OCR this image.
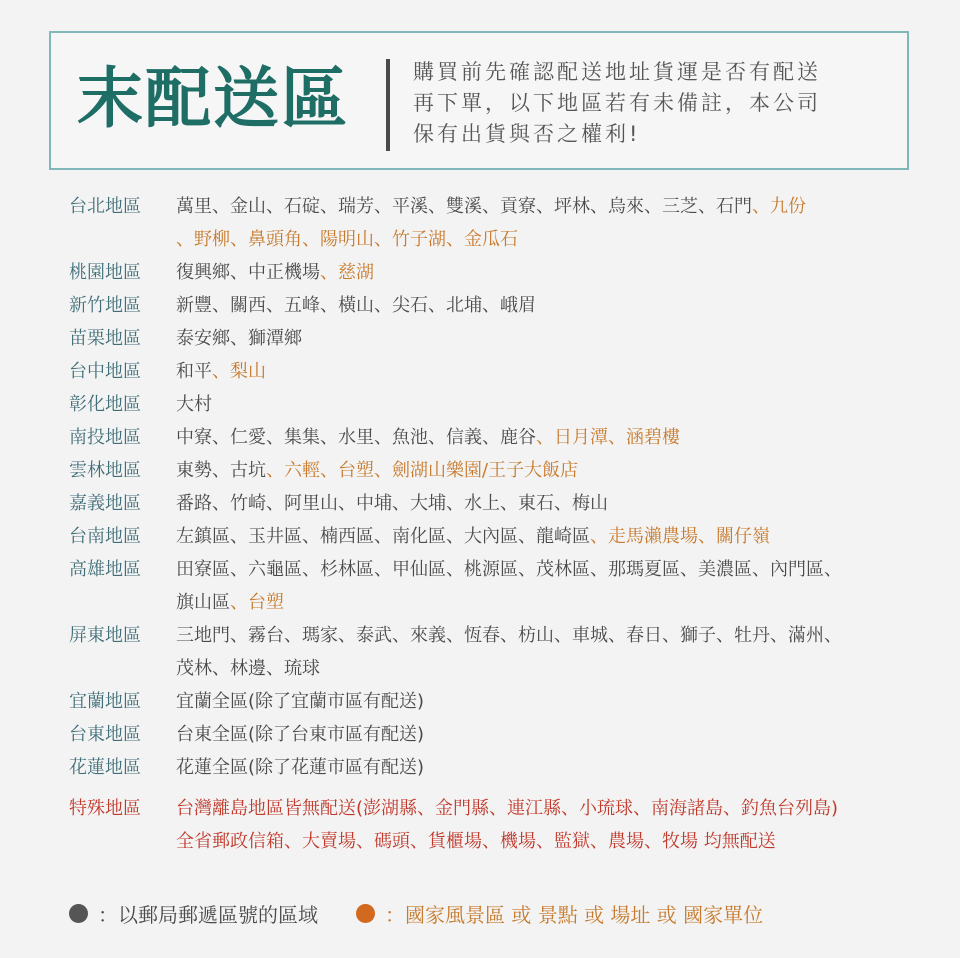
末配送區	購買前先確認配送地址貨運是否有配送
再下單，以下地區若有未備註，本公司
保有出貨與否之權利!
台北地區	萬里、金山、石碇、瑞芳、平溪、雙溪、貢寮、坪林、烏來、三芝、石門、九份
、野柳、鼻頭角、陽明山、竹子湖、金瓜石
桃園地區	復興鄉、中正機場、慈湖
新竹地區	新豐、關西、五峰、橫山、尖石、北埔、峨眉
苗栗地區	泰安鄉、獅潭鄉
台中地區	和平、梨山
彰化地區	大村
南投地區	中寮、仁愛、集集、水里、魚池、信義、鹿谷、日月潭、涵碧樓
雲林地區	東勢、古坑、六輕、台塑、劍湖山樂園/王子大飯店
嘉義地區	番路、竹崎、阿里山、中埔、大埔、水上、東石、梅山
台南地區	左鎮區、玉井區、楠西區、南化區、大內區、龍崎區、走馬瀨農場、關仔嶺
高雄地區	田寮區、六龜區、杉林區、甲仙區、桃源區、茂林區、那瑪夏區、美濃區、內門區、
旗山區、台塑
屏東地區	三地門、霧台、瑪家、泰武、來義、恆春、枋山、車城、春日、獅子、牡丹、滿州、
茂林、林邊、琉球
宜蘭地區	宜蘭全區(除了宜蘭市區有配送)
台東地區	台東全區(除了台東市區有配送)
花蓮地區	花蓮全區(除了花蓮市區有配送)
特殊地區	台灣離島地區皆無配送(澎湖縣、金門縣、連江縣、小琉球、南海諸島、釣魚台列島)
全省郵政信箱、大賣場、碼頭、貨櫃場、機場、監獄、農場、牧場 均無配送
：以郵局郵遞區號的區域	：國家風景區 或 景點 或 場址 或 國家單位
